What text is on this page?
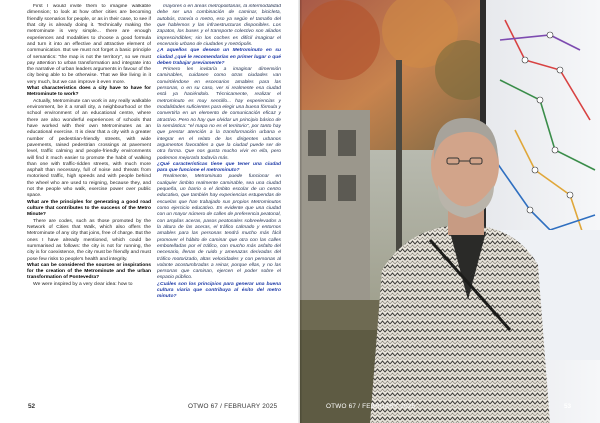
First I would invite them to imagine walkable dimension; to look at how other cities are becoming friendly scenarios for people, or as in their case, to see if that city is already doing it. Technically making the metrominute is very simple... there are enough experiences and modalities to choose a good formula and turn it into an effective and attractive element of communication. But we must not forget a basic principle of semantics: "the map is not the territory", so we must pay attention to urban transformation and integrate into the narrative of urban leaders arguments in favour of the city being able to be otherwise. That we like living in it very much, but we can improve it even more.

What characteristics does a city have to have for Metrominute to work?

Actually, Metrominute can work in any really walkable environment, be it a small city, a neighbourhood or the school environment of an educational centre, where there are also wonderful experiences of schools that have worked with their own Metrominutes as an educational exercise. It is clear that a city with a greater number of pedestrian-friendly streets, with wide pavements, raised pedestrian crossings at pavement level, traffic calming and people-friendly environments will find it much easier to promote the habit of walking than one with traffic-ridden streets, with much more asphalt than necessary, full of noise and threats from motorised traffic, high speeds and with people behind the wheel who are used to reigning, because they, and not the people who walk, exercise power over public space.

What are the principles for generating a good road culture that contributes to the success of the Metro Minute?

There are codes, such as those promoted by the Network of Cities that Walk, which also offers the Metrominute of any city that joins, free of charge. But the ones I have already mentioned, which could be summarised as follows: the city is not for running, the city is for coexistence, the city must be friendly and must pose few risks to people's health and integrity.

What can be considered the sources or inspirations for the creation of the Metrominute and the urban transformation of Pontevedra?

We were inspired by a very clear idea: how to

mayores o en áreas metropolitanas, la intermodalidad debe ser una combinación de caminar, bicicleta, autobús, tranvía o metro, eso ya según el tamaño del que hablemos y las infraestructuras disponibles. Los zapatos, los buses y el transporte colectivo son aliados imprescindibles; sin los coches es difícil imaginar el escenario urbano de ciudades y metrópolis.

¿A aquellos que desean un Metrominuto en su ciudad ¿qué le recomendarías en primer lugar o qué deben trabajar previamente?

Primero les invitaría a imaginar dimensión caminables, cuidasen como otras ciudades van convirtiéndose en escenarios amables para las personas, o en su caso, ver si realmente esa ciudad está ya haciéndolo. Técnicamente, realizar el metrominuto es muy sencillo... hay experiencias y modalidades suficientes para elegir una buena fórmula y convertirla en un elemento de comunicación eficaz y atractivo. Pero no hay que olvidar un principio básico de la semántica: "el mapa no es el territorio", por tanto hay que prestar atención a la transformación urbana e integrar en el relato de los dirigentes urbanos argumentos favorables a que la ciudad puede ser de otra forma. Que nos gusta mucho vivir en ella, pero podemos mejorarla todavía más.

¿Qué características tiene que tener una ciudad para que funcione el metrominuto?

Realmente, Metrominuto puede funcionar en cualquier ámbito realmente caminable, sea una ciudad pequeña, un barrio o el ámbito escolar de un centro educativo, que también hay experiencias estupendas de escuelas que han trabajado sus propios Metrominutos como ejercicio educativo. Es evidente que una ciudad con un mayor número de calles de preferencia peatonal, con amplias aceras, pasos peatonales sobreelevados a la altura de las aceras, el tráfico calmado y entornos amables para las personas tendrá mucho más fácil promover el hábito de caminar que otra con las calles embotelladas por el tráfico, con mucho más asfalto del necesario, llenas de ruido y amenazas derivadas del tráfico motorizado, altas velocidades y con personas al volante acostumbradas a reinar, porque ellas, y no las personas que caminan, ejercen el poder sobre el espacio público.

¿Cuáles son los principios para generar una buena cultura viaria que contribuya al éxito del metro minuto?

52	OTWO 67 / FEBRUARY 2025	OTWO 67 / FEBRUARY 2025	53
